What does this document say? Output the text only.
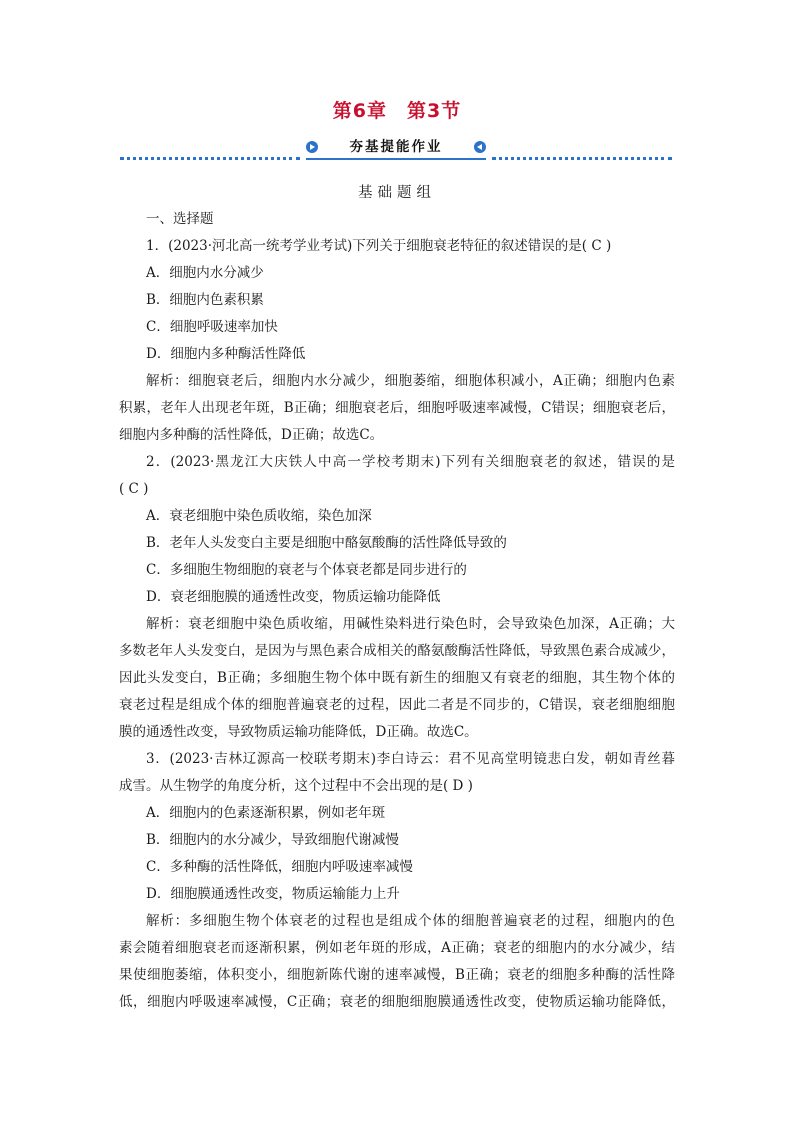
第6章　第3节
夯基提能作业
基础题组
一、选择题
1．(2023·河北高一统考学业考试)下列关于细胞衰老特征的叙述错误的是( C )
A．细胞内水分减少
B．细胞内色素积累
C．细胞呼吸速率加快
D．细胞内多种酶活性降低
解析：细胞衰老后，细胞内水分减少，细胞萎缩，细胞体积减小，A正确；细胞内色素
积累，老年人出现老年斑，B正确；细胞衰老后，细胞呼吸速率减慢，C错误；细胞衰老后，
细胞内多种酶的活性降低，D正确；故选C。
2．(2023·黑龙江大庆铁人中高一学校考期末)下列有关细胞衰老的叙述，错误的是
( C )
A．衰老细胞中染色质收缩，染色加深
B．老年人头发变白主要是细胞中酪氨酸酶的活性降低导致的
C．多细胞生物细胞的衰老与个体衰老都是同步进行的
D．衰老细胞膜的通透性改变，物质运输功能降低
解析：衰老细胞中染色质收缩，用碱性染料进行染色时，会导致染色加深，A正确；大
多数老年人头发变白，是因为与黑色素合成相关的酪氨酸酶活性降低，导致黑色素合成减少，
因此头发变白，B正确；多细胞生物个体中既有新生的细胞又有衰老的细胞，其生物个体的
衰老过程是组成个体的细胞普遍衰老的过程，因此二者是不同步的，C错误，衰老细胞细胞
膜的通透性改变，导致物质运输功能降低，D正确。故选C。
3．(2023·吉林辽源高一校联考期末)李白诗云：君不见高堂明镜悲白发，朝如青丝暮
成雪。从生物学的角度分析，这个过程中不会出现的是( D )
A．细胞内的色素逐渐积累，例如老年斑
B．细胞内的水分减少，导致细胞代谢减慢
C．多种酶的活性降低，细胞内呼吸速率减慢
D．细胞膜通透性改变，物质运输能力上升
解析：多细胞生物个体衰老的过程也是组成个体的细胞普遍衰老的过程，细胞内的色
素会随着细胞衰老而逐渐积累，例如老年斑的形成，A正确；衰老的细胞内的水分减少，结
果使细胞萎缩，体积变小，细胞新陈代谢的速率减慢，B正确；衰老的细胞多种酶的活性降
低，细胞内呼吸速率减慢，C正确；衰老的细胞细胞膜通透性改变，使物质运输功能降低，
